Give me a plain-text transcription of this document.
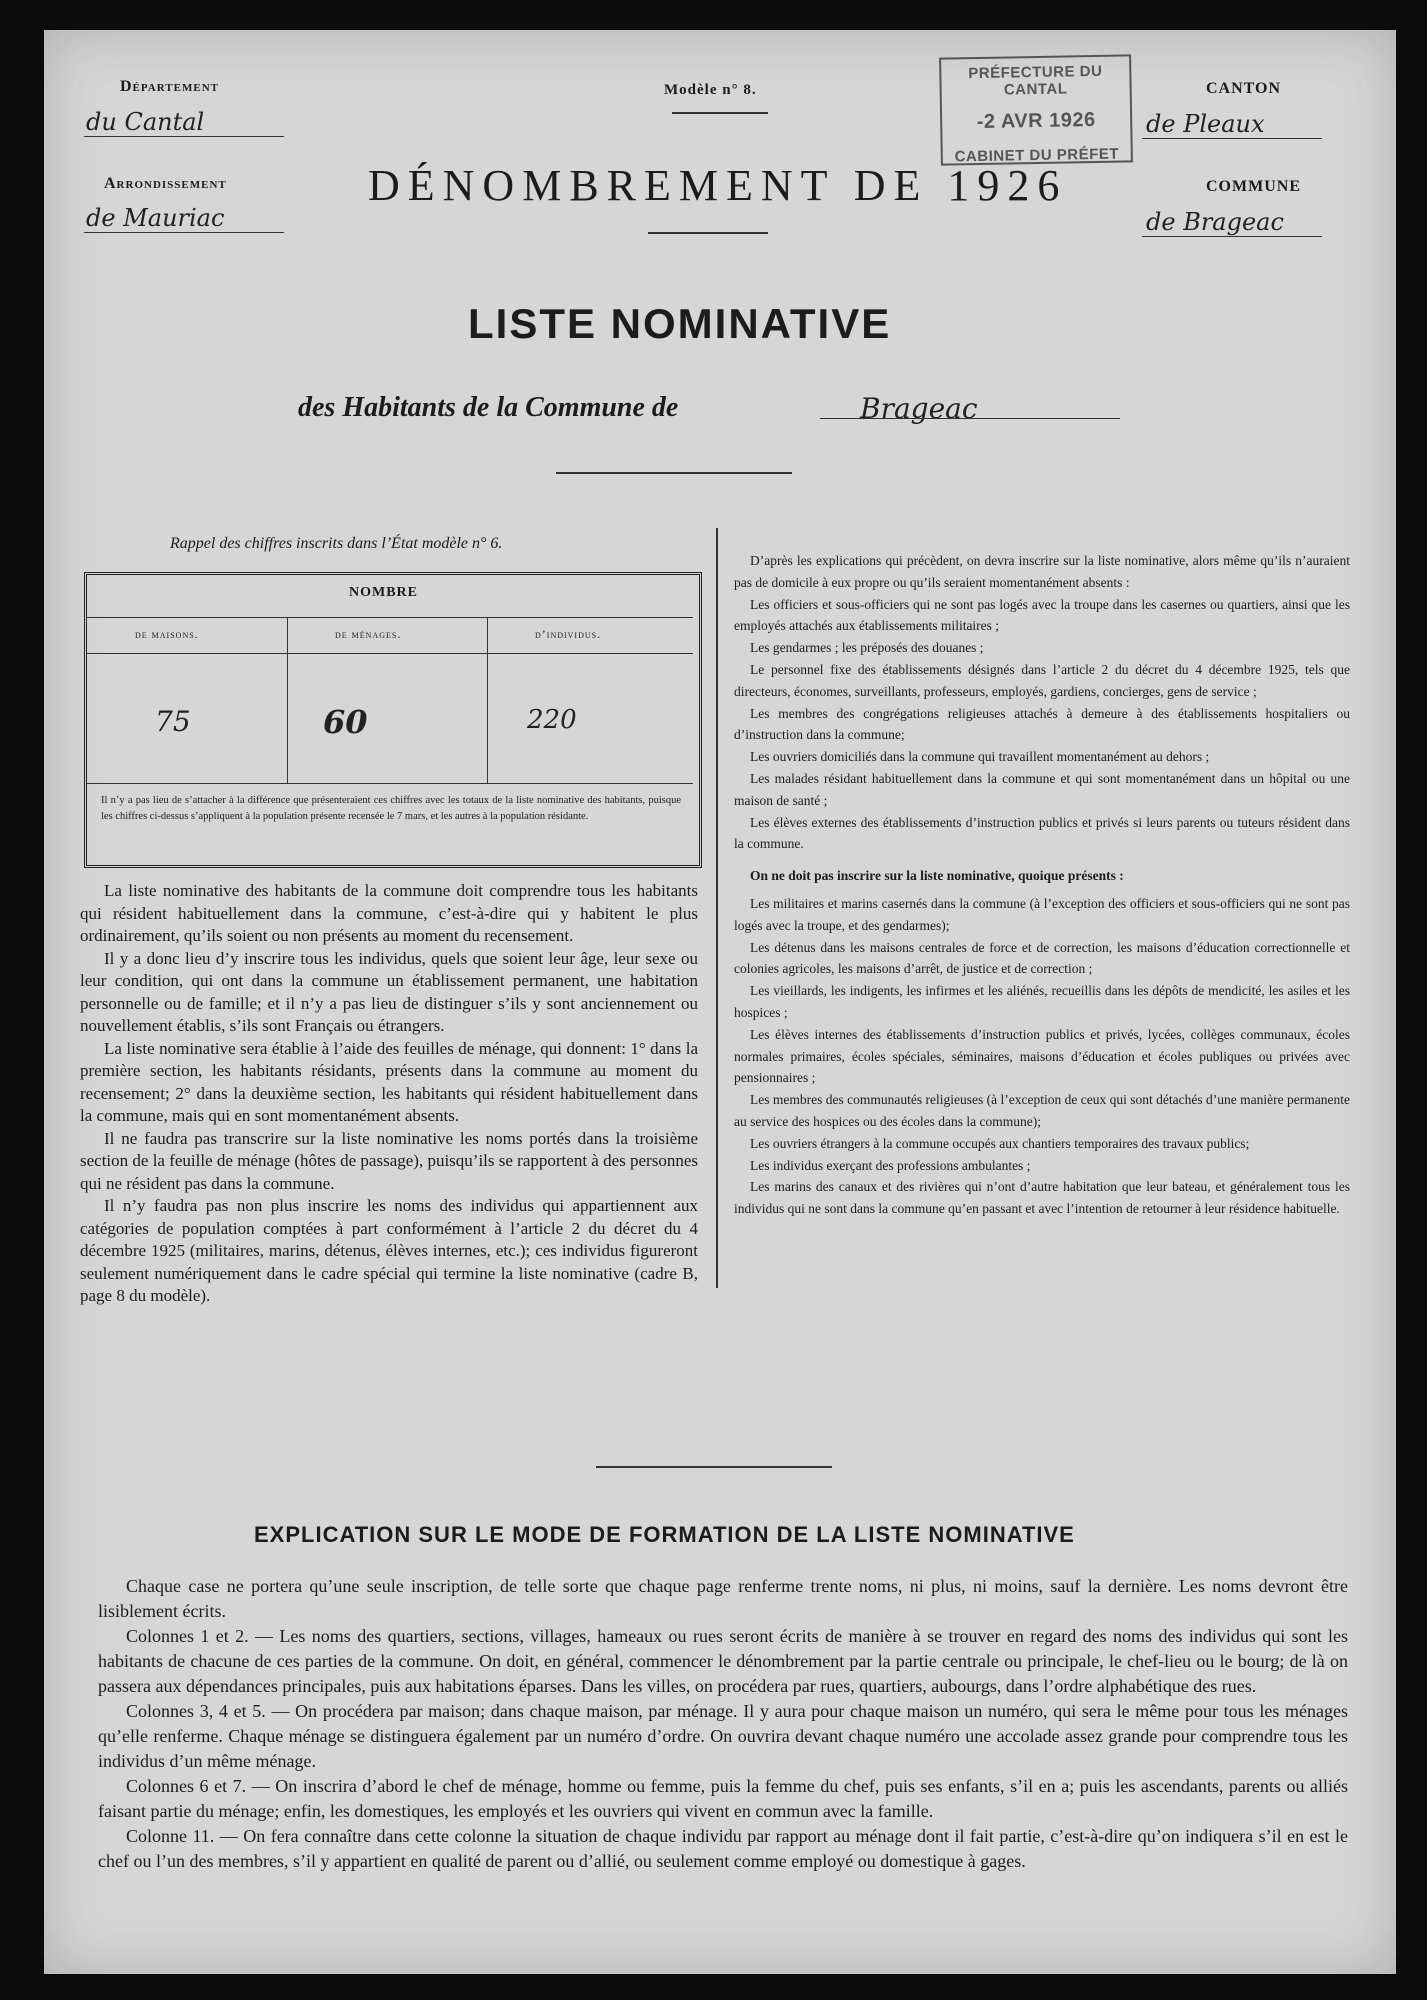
Département
du Cantal
Arrondissement
de Mauriac
Modèle n° 8.
PRÉFECTURE DU CANTAL
-2 AVR 1926
CABINET DU PRÉFET
CANTON
de Pleaux
COMMUNE
de Brageac
DÉNOMBREMENT DE 1926
LISTE NOMINATIVE
des Habitants de la Commune de	Brageac
Rappel des chiffres inscrits dans l’État modèle n° 6.
NOMBRE
de maisons.	de ménages.	d’individus.
75	60	220
Il n’y a pas lieu de s’attacher à la différence que présenteraient ces chiffres avec les totaux de la liste nominative des habitants, puisque les chiffres ci-dessus s’appliquent à la population présente recensée le 7 mars, et les autres à la population résidante.

La liste nominative des habitants de la commune doit comprendre tous les habitants qui résident habituellement dans la commune, c’est-à-dire qui y habitent le plus ordinairement, qu’ils soient ou non présents au moment du recensement.

Il y a donc lieu d’y inscrire tous les individus, quels que soient leur âge, leur sexe ou leur condition, qui ont dans la commune un établissement permanent, une habitation personnelle ou de famille; et il n’y a pas lieu de distinguer s’ils y sont anciennement ou nouvellement établis, s’ils sont Français ou étrangers.

La liste nominative sera établie à l’aide des feuilles de ménage, qui donnent: 1° dans la première section, les habitants résidants, présents dans la commune au moment du recensement; 2° dans la deuxième section, les habitants qui résident habituellement dans la commune, mais qui en sont momentanément absents.

Il ne faudra pas transcrire sur la liste nominative les noms portés dans la troisième section de la feuille de ménage (hôtes de passage), puisqu’ils se rapportent à des personnes qui ne résident pas dans la commune.

Il n’y faudra pas non plus inscrire les noms des individus qui appartiennent aux catégories de population comptées à part conformément à l’article 2 du décret du 4 décembre 1925 (militaires, marins, détenus, élèves internes, etc.); ces individus figureront seulement numériquement dans le cadre spécial qui termine la liste nominative (cadre B, page 8 du modèle).

D’après les explications qui précèdent, on devra inscrire sur la liste nominative, alors même qu’ils n’auraient pas de domicile à eux propre ou qu’ils seraient momentanément absents :

Les officiers et sous-officiers qui ne sont pas logés avec la troupe dans les casernes ou quartiers, ainsi que les employés attachés aux établissements militaires ;

Les gendarmes ; les préposés des douanes ;

Le personnel fixe des établissements désignés dans l’article 2 du décret du 4 décembre 1925, tels que directeurs, économes, surveillants, professeurs, employés, gardiens, concierges, gens de service ;

Les membres des congrégations religieuses attachés à demeure à des établissements hospitaliers ou d’instruction dans la commune;

Les ouvriers domiciliés dans la commune qui travaillent momentanément au dehors ;

Les malades résidant habituellement dans la commune et qui sont momentanément dans un hôpital ou une maison de santé ;

Les élèves externes des établissements d’instruction publics et privés si leurs parents ou tuteurs résident dans la commune.

On ne doit pas inscrire sur la liste nominative, quoique présents :

Les militaires et marins casernés dans la commune (à l’exception des officiers et sous-officiers qui ne sont pas logés avec la troupe, et des gendarmes);

Les détenus dans les maisons centrales de force et de correction, les maisons d’éducation correctionnelle et colonies agricoles, les maisons d’arrêt, de justice et de correction ;

Les vieillards, les indigents, les infirmes et les aliénés, recueillis dans les dépôts de mendicité, les asiles et les hospices ;

Les élèves internes des établissements d’instruction publics et privés, lycées, collèges communaux, écoles normales primaires, écoles spéciales, séminaires, maisons d’éducation et écoles publiques ou privées avec pensionnaires ;

Les membres des communautés religieuses (à l’exception de ceux qui sont détachés d’une manière permanente au service des hospices ou des écoles dans la commune);

Les ouvriers étrangers à la commune occupés aux chantiers temporaires des travaux publics;

Les individus exerçant des professions ambulantes ;

Les marins des canaux et des rivières qui n’ont d’autre habitation que leur bateau, et généralement tous les individus qui ne sont dans la commune qu’en passant et avec l’intention de retourner à leur résidence habituelle.

EXPLICATION SUR LE MODE DE FORMATION DE LA LISTE NOMINATIVE

Chaque case ne portera qu’une seule inscription, de telle sorte que chaque page renferme trente noms, ni plus, ni moins, sauf la dernière. Les noms devront être lisiblement écrits.

Colonnes 1 et 2. — Les noms des quartiers, sections, villages, hameaux ou rues seront écrits de manière à se trouver en regard des noms des individus qui sont les habitants de chacune de ces parties de la commune. On doit, en général, commencer le dénombrement par la partie centrale ou principale, le chef-lieu ou le bourg; de là on passera aux dépendances principales, puis aux habitations éparses. Dans les villes, on procédera par rues, quartiers, aubourgs, dans l’ordre alphabétique des rues.

Colonnes 3, 4 et 5. — On procédera par maison; dans chaque maison, par ménage. Il y aura pour chaque maison un numéro, qui sera le même pour tous les ménages qu’elle renferme. Chaque ménage se distinguera également par un numéro d’ordre. On ouvrira devant chaque numéro une accolade assez grande pour comprendre tous les individus d’un même ménage.

Colonnes 6 et 7. — On inscrira d’abord le chef de ménage, homme ou femme, puis la femme du chef, puis ses enfants, s’il en a; puis les ascendants, parents ou alliés faisant partie du ménage; enfin, les domestiques, les employés et les ouvriers qui vivent en commun avec la famille.

Colonne 11. — On fera connaître dans cette colonne la situation de chaque individu par rapport au ménage dont il fait partie, c’est-à-dire qu’on indiquera s’il en est le chef ou l’un des membres, s’il y appartient en qualité de parent ou d’allié, ou seulement comme employé ou domestique à gages.
